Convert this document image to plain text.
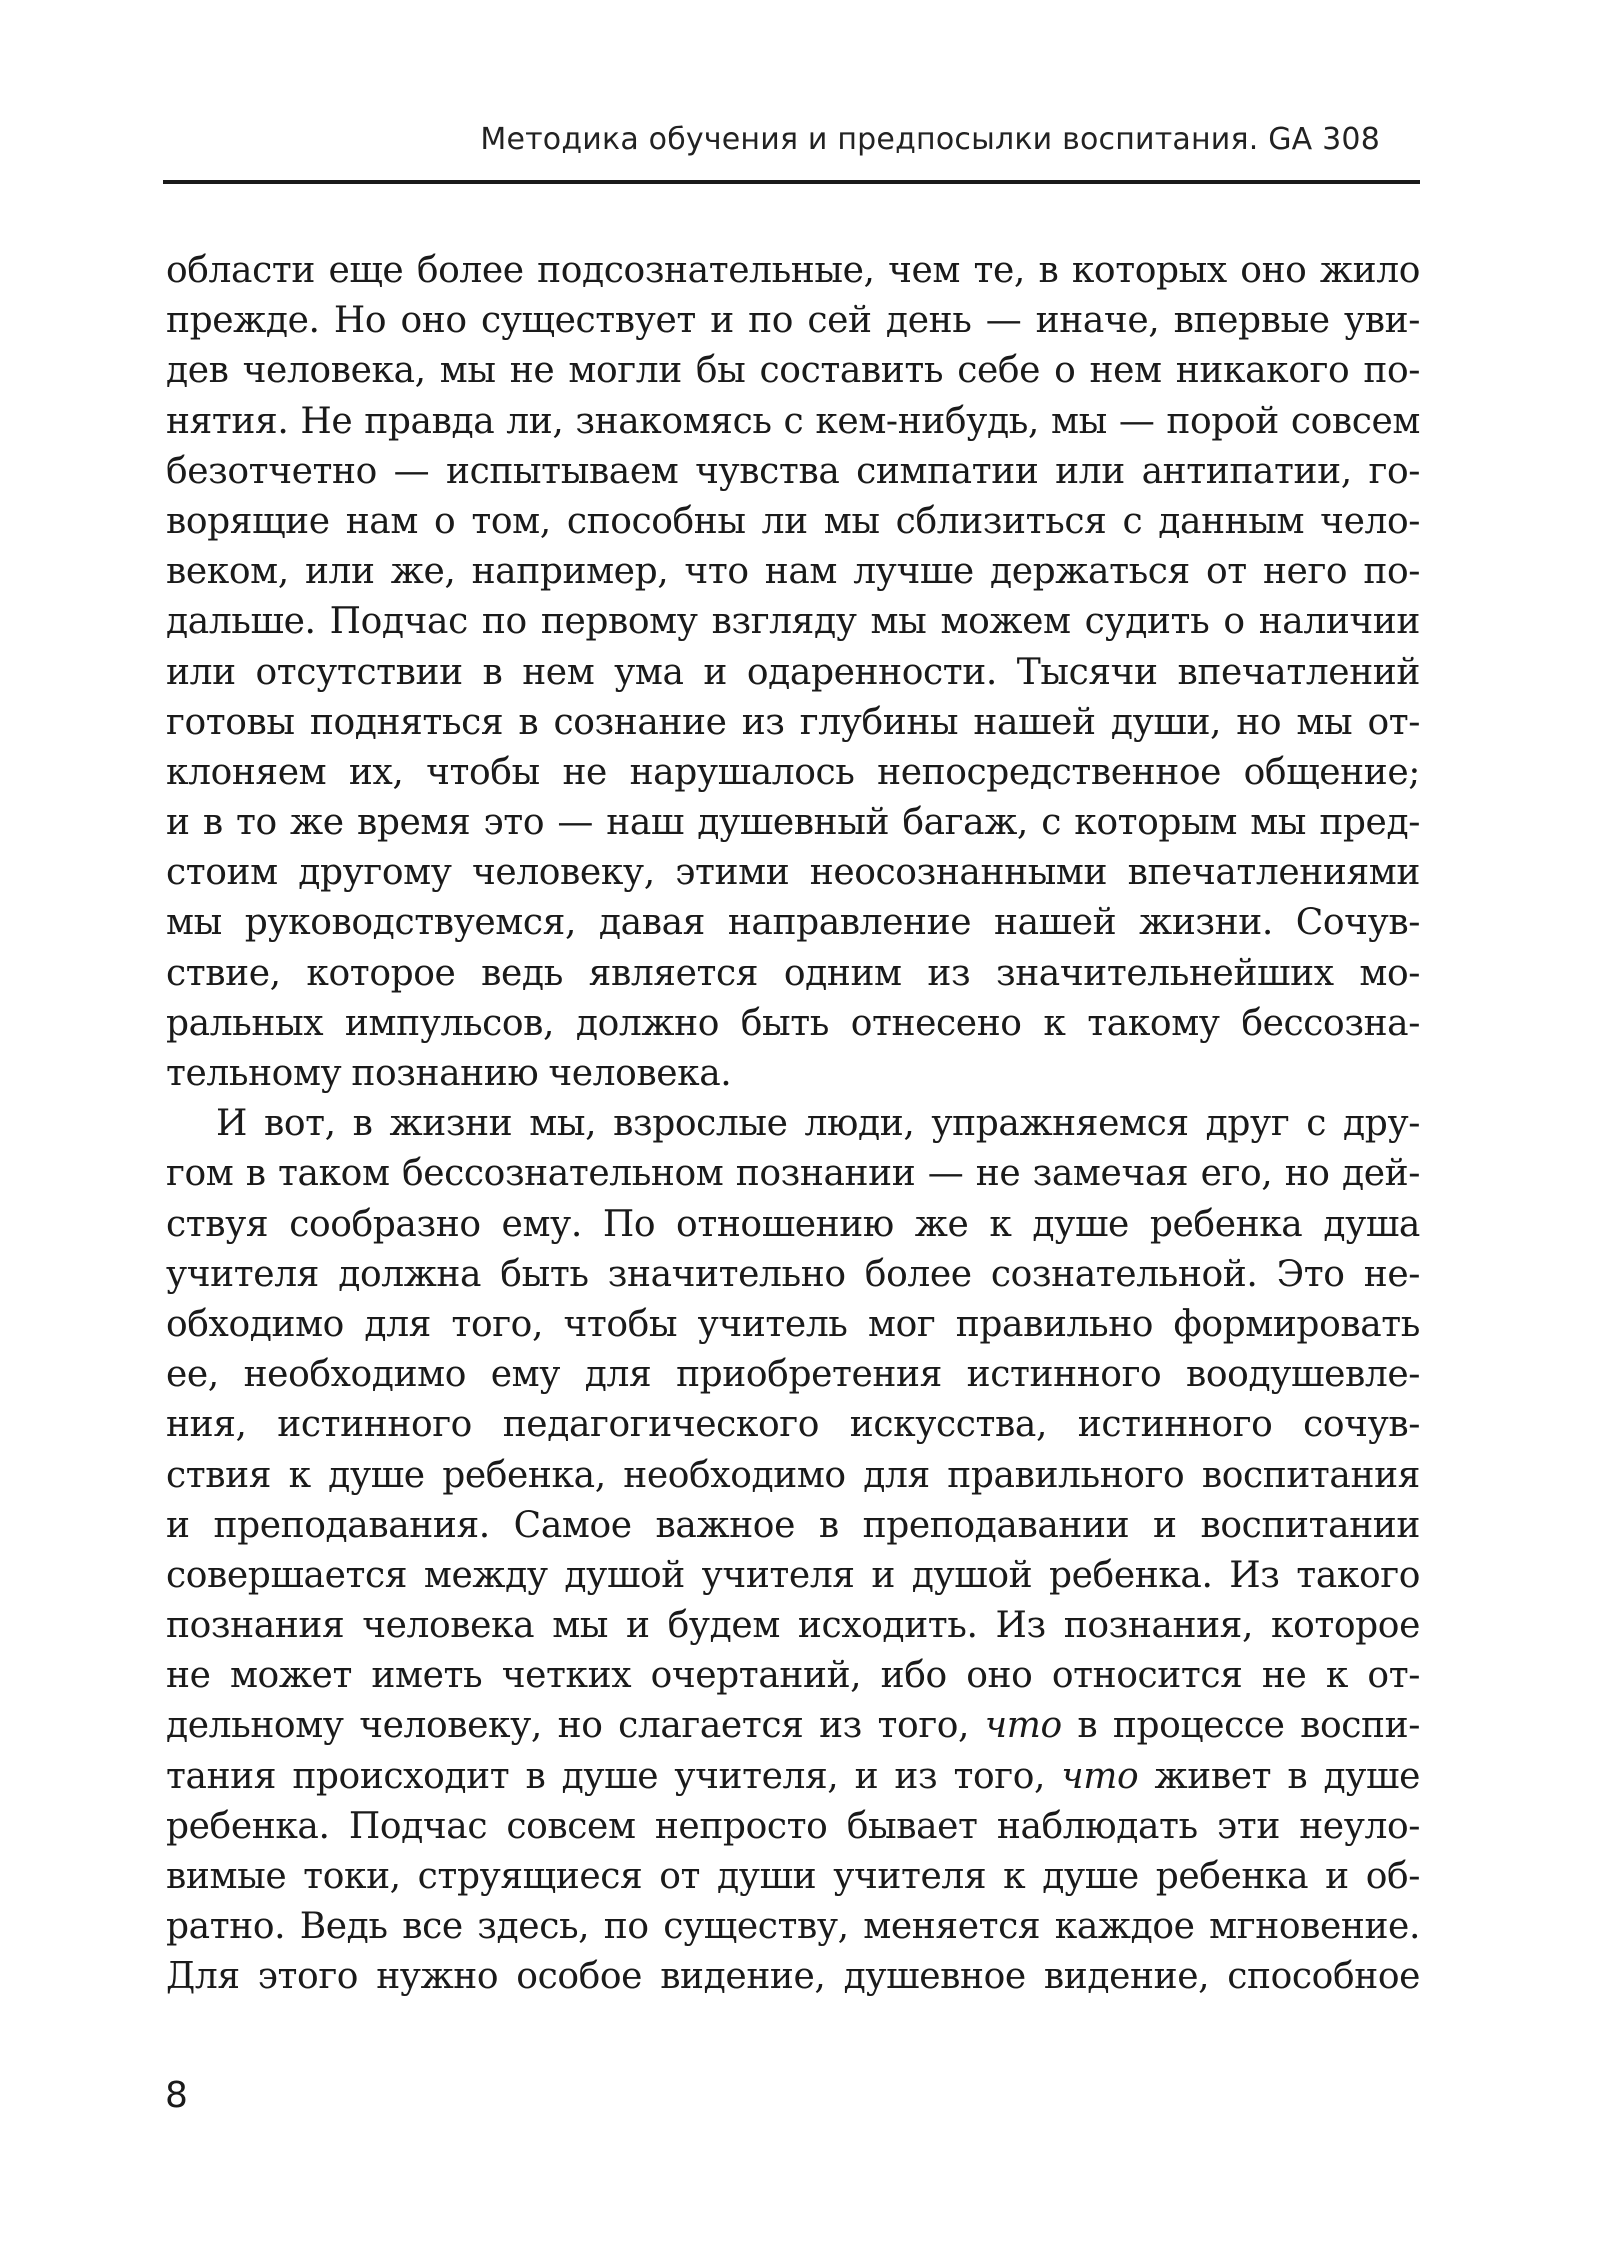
Методика обучения и предпосылки воспитания. GA 308
области еще более подсознательные, чем те, в которых оно жило
прежде. Но оно существует и по сей день — иначе, впервые уви-
дев человека, мы не могли бы составить себе о нем никакого по-
нятия. Не правда ли, знакомясь с кем-нибудь, мы — порой совсем
безотчетно — испытываем чувства симпатии или антипатии, го-
ворящие нам о том, способны ли мы сблизиться с данным чело-
веком, или же, например, что нам лучше держаться от него по-
дальше. Подчас по первому взгляду мы можем судить о наличии
или отсутствии в нем ума и одаренности. Тысячи впечатлений
готовы подняться в сознание из глубины нашей души, но мы от-
клоняем их, чтобы не нарушалось непосредственное общение;
и в то же время это — наш душевный багаж, с которым мы пред-
стоим другому человеку, этими неосознанными впечатлениями
мы руководствуемся, давая направление нашей жизни. Сочув-
ствие, которое ведь является одним из значительнейших мо-
ральных импульсов, должно быть отнесено к такому бессозна-
тельному познанию человека.
И вот, в жизни мы, взрослые люди, упражняемся друг с дру-
гом в таком бессознательном познании — не замечая его, но дей-
ствуя сообразно ему. По отношению же к душе ребенка душа
учителя должна быть значительно более сознательной. Это не-
обходимо для того, чтобы учитель мог правильно формировать
ее, необходимо ему для приобретения истинного воодушевле-
ния, истинного педагогического искусства, истинного сочув-
ствия к душе ребенка, необходимо для правильного воспитания
и преподавания. Самое важное в преподавании и воспитании
совершается между душой учителя и душой ребенка. Из такого
познания человека мы и будем исходить. Из познания, которое
не может иметь четких очертаний, ибо оно относится не к от-
дельному человеку, но слагается из того, что в процессе воспи-
тания происходит в душе учителя, и из того, что живет в душе
ребенка. Подчас совсем непросто бывает наблюдать эти неуло-
вимые токи, струящиеся от души учителя к душе ребенка и об-
ратно. Ведь все здесь, по существу, меняется каждое мгновение.
Для этого нужно особое видение, душевное видение, способное
8
